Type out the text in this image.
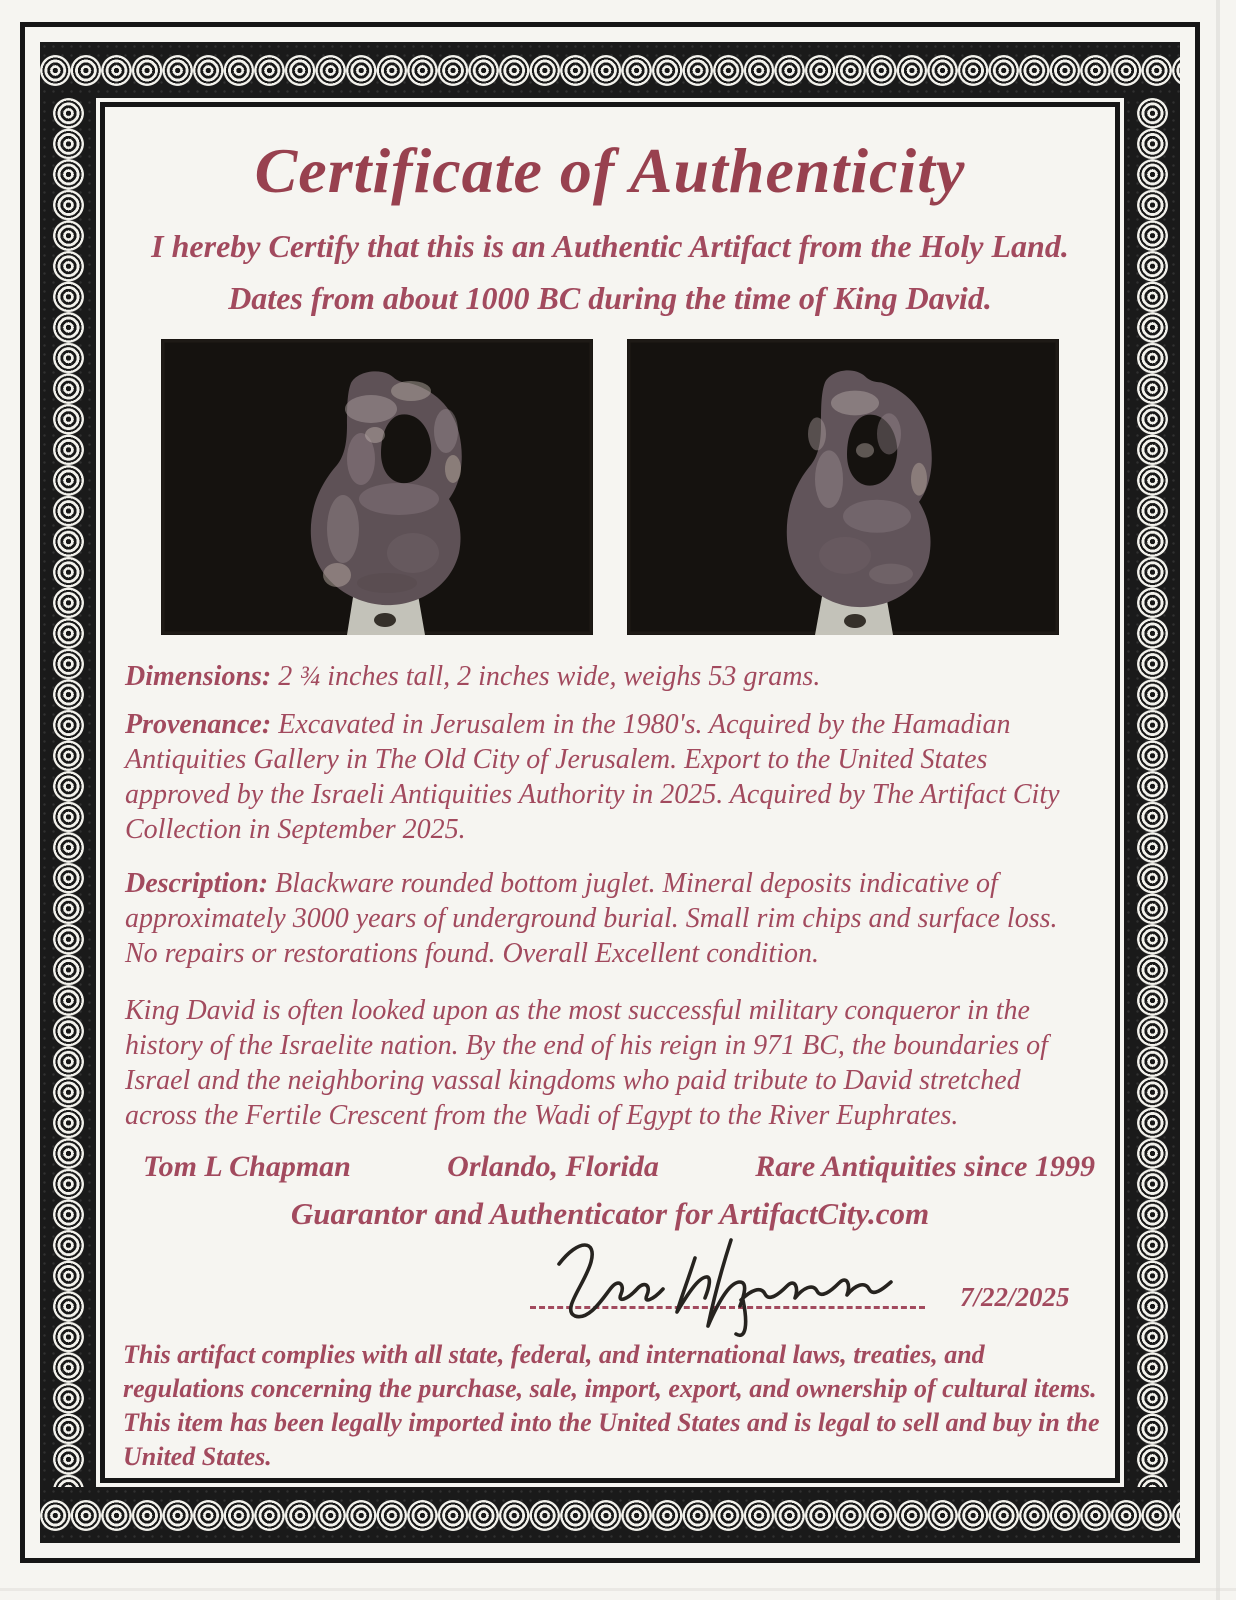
Certificate of Authenticity

I hereby Certify that this is an Authentic Artifact from the Holy Land.

Dates from about 1000 BC during the time of King David.

Dimensions: 2 ¾ inches tall, 2 inches wide, weighs 53 grams.

Provenance: Excavated in Jerusalem in the 1980's. Acquired by the Hamadian Antiquities Gallery in The Old City of Jerusalem. Export to the United States approved by the Israeli Antiquities Authority in 2025. Acquired by The Artifact City Collection in September 2025.

Description: Blackware rounded bottom juglet. Mineral deposits indicative of approximately 3000 years of underground burial. Small rim chips and surface loss. No repairs or restorations found. Overall Excellent condition.

King David is often looked upon as the most successful military conqueror in the history of the Israelite nation. By the end of his reign in 971 BC, the boundaries of Israel and the neighboring vassal kingdoms who paid tribute to David stretched across the Fertile Crescent from the Wadi of Egypt to the River Euphrates.

Tom L Chapman	Orlando, Florida	Rare Antiquities since 1999

Guarantor and Authenticator for ArtifactCity.com

7/22/2025

This artifact complies with all state, federal, and international laws, treaties, and regulations concerning the purchase, sale, import, export, and ownership of cultural items. This item has been legally imported into the United States and is legal to sell and buy in the United States.
